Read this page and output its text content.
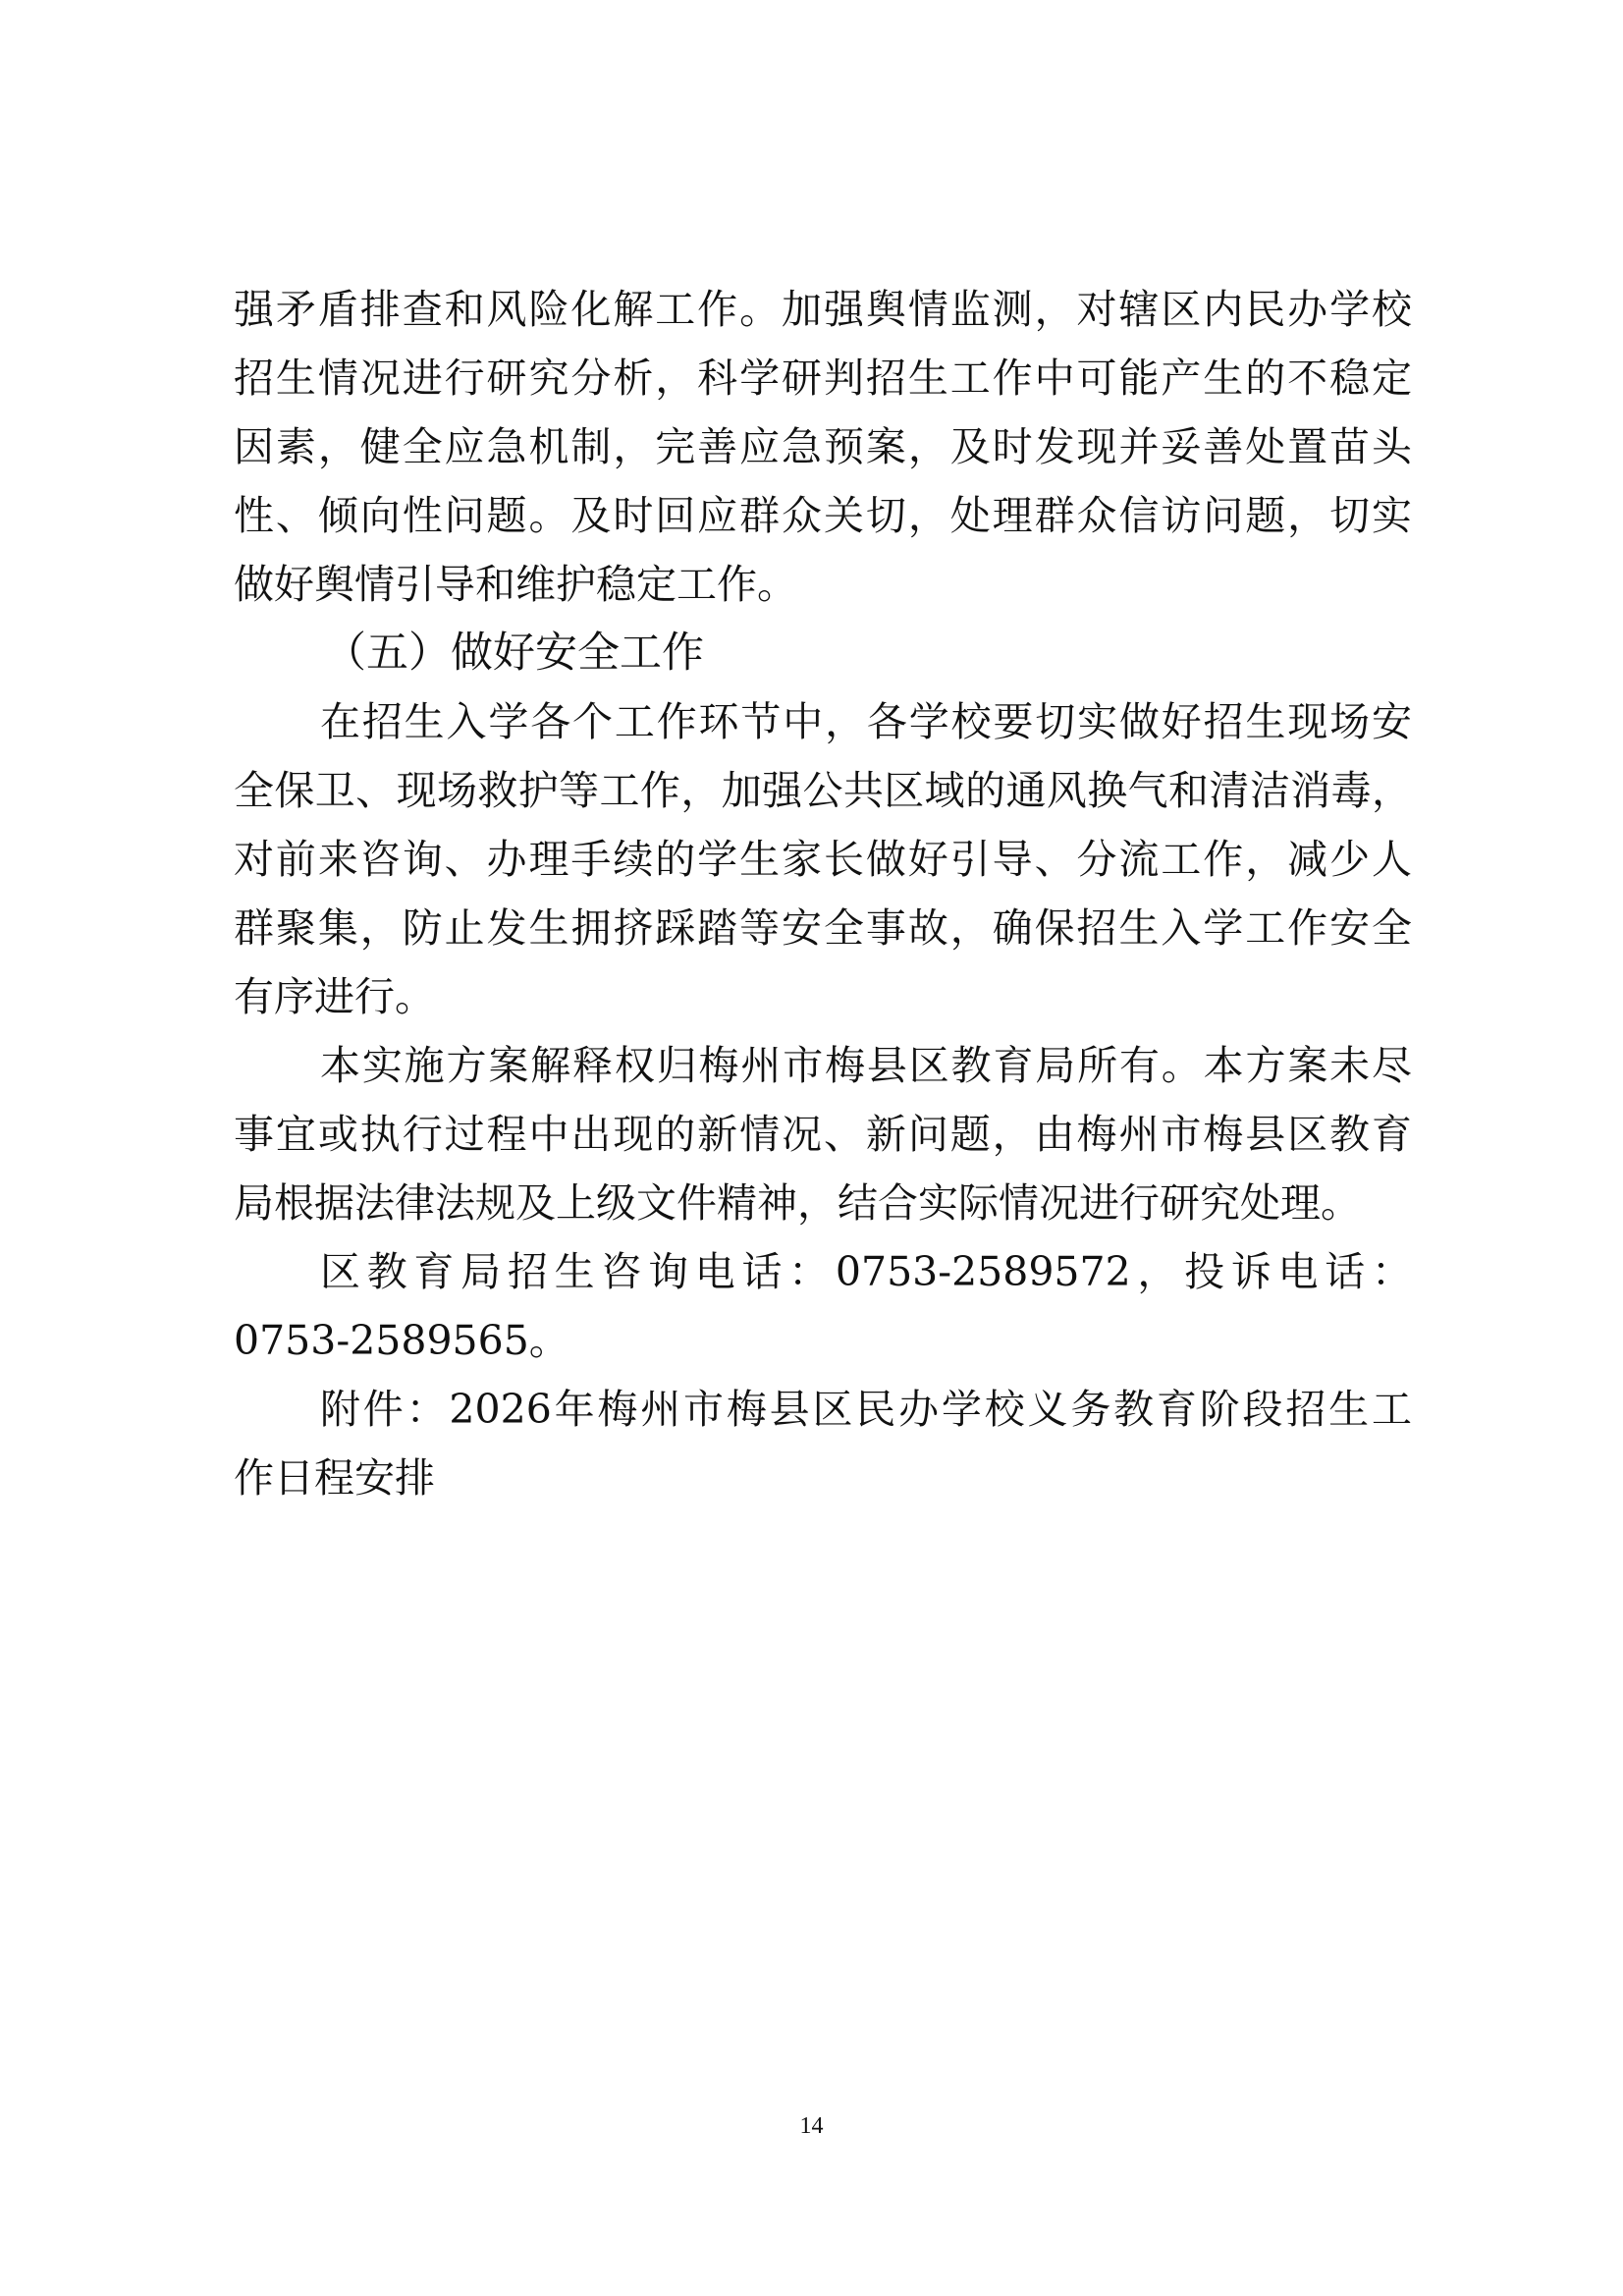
强矛盾排查和风险化解工作。加强舆情监测，对辖区内民办学校
招生情况进行研究分析，科学研判招生工作中可能产生的不稳定
因素，健全应急机制，完善应急预案，及时发现并妥善处置苗头
性、倾向性问题。及时回应群众关切，处理群众信访问题，切实
做好舆情引导和维护稳定工作。
（五）做好安全工作
在招生入学各个工作环节中，各学校要切实做好招生现场安
全保卫、现场救护等工作，加强公共区域的通风换气和清洁消毒，
对前来咨询、办理手续的学生家长做好引导、分流工作，减少人
群聚集，防止发生拥挤踩踏等安全事故，确保招生入学工作安全
有序进行。
本实施方案解释权归梅州市梅县区教育局所有。本方案未尽
事宜或执行过程中出现的新情况、新问题，由梅州市梅县区教育
局根据法律法规及上级文件精神，结合实际情况进行研究处理。
区教育局招生咨询电话：0753-2589572，投诉电话：
0753-2589565。
附件：2026年梅州市梅县区民办学校义务教育阶段招生工
作日程安排
14
